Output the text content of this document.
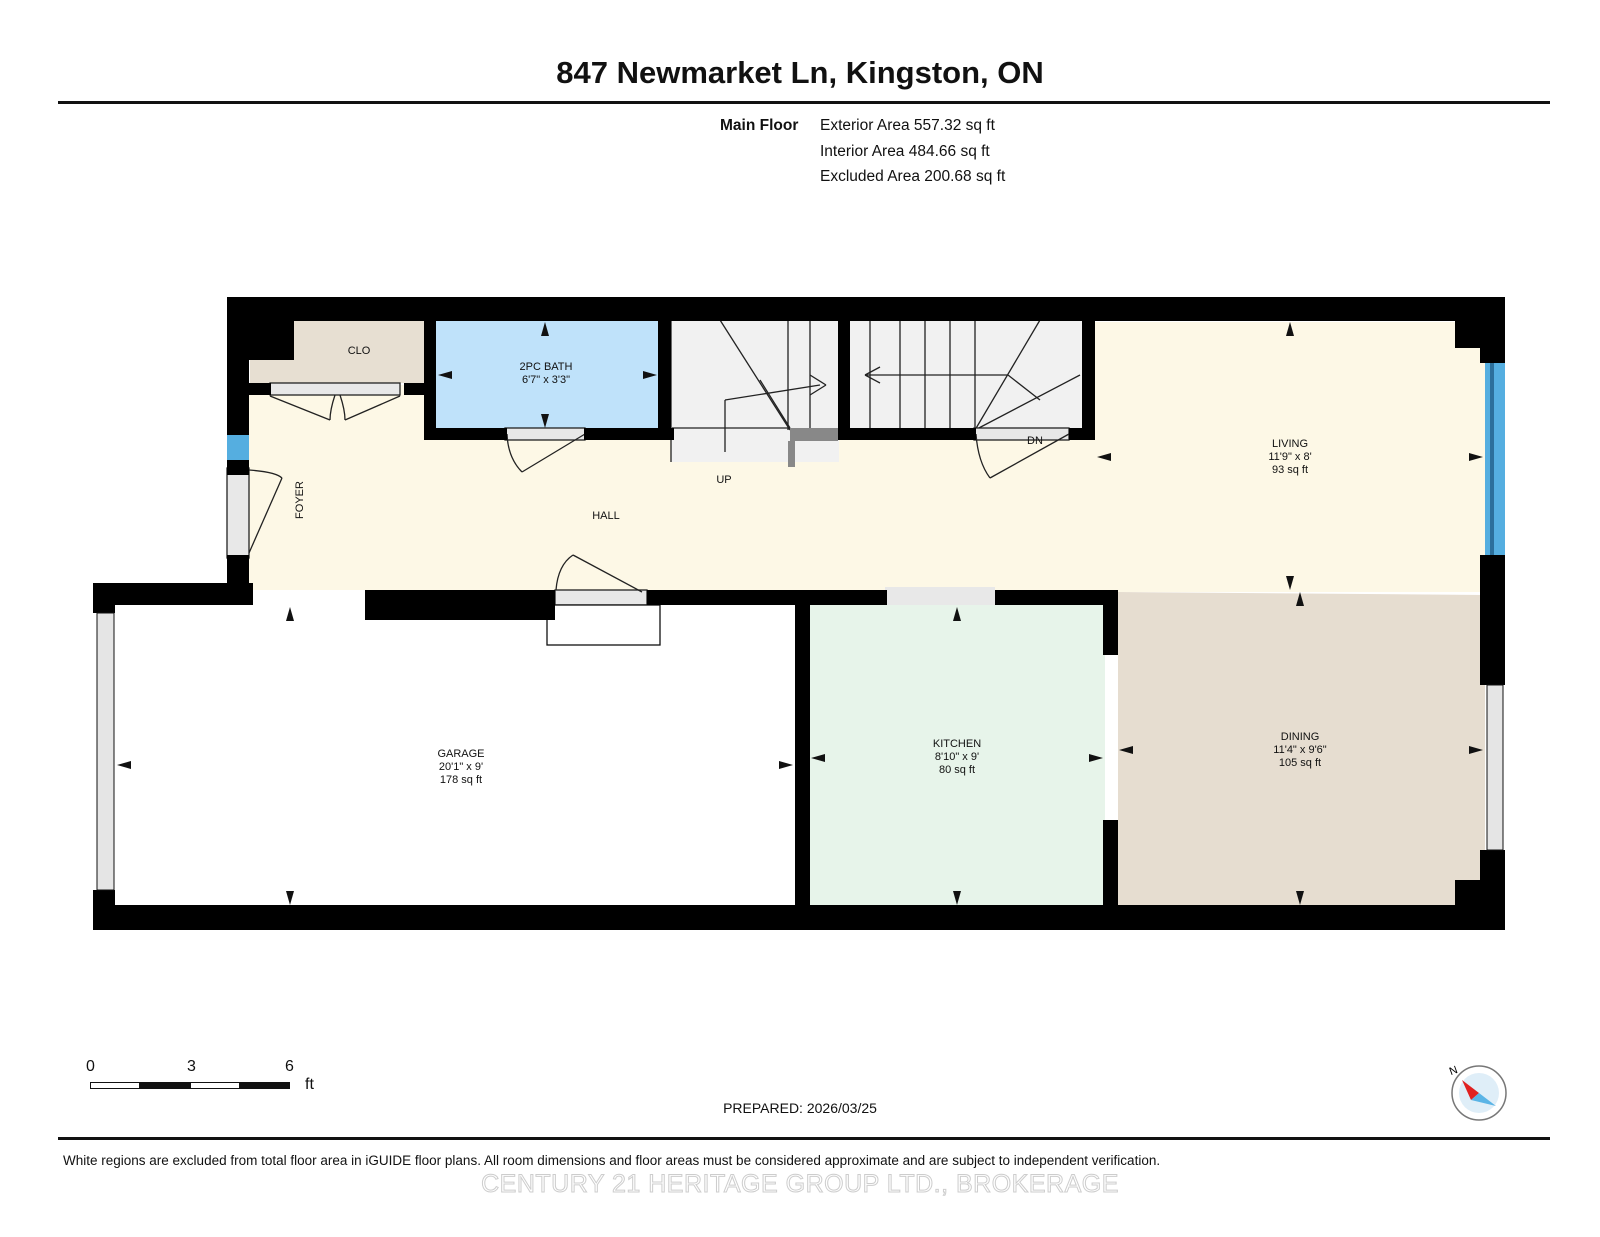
847 Newmarket Ln, Kingston, ON
Main Floor Exterior Area 557.32 sq ft
Interior Area 484.66 sq ft
Excluded Area 200.68 sq ft
CLO
2PC BATH
6'7" x 3'3"
FOYER	HALL
UP
DN	LIVING
11'9" x 8'
93 sq ft
GARAGE
20'1" x 9'
178 sq ft
KITCHEN
8'10" x 9'
80 sq ft
DINING
11'4" x 9'6"
105 sq ft
0	3	6
ft
PREPARED: 2026/03/25
N
White regions are excluded from total floor area in iGUIDE floor plans. All room dimensions and floor areas must be considered approximate and are subject to independent verification.
CENTURY 21 HERITAGE GROUP LTD., BROKERAGE
